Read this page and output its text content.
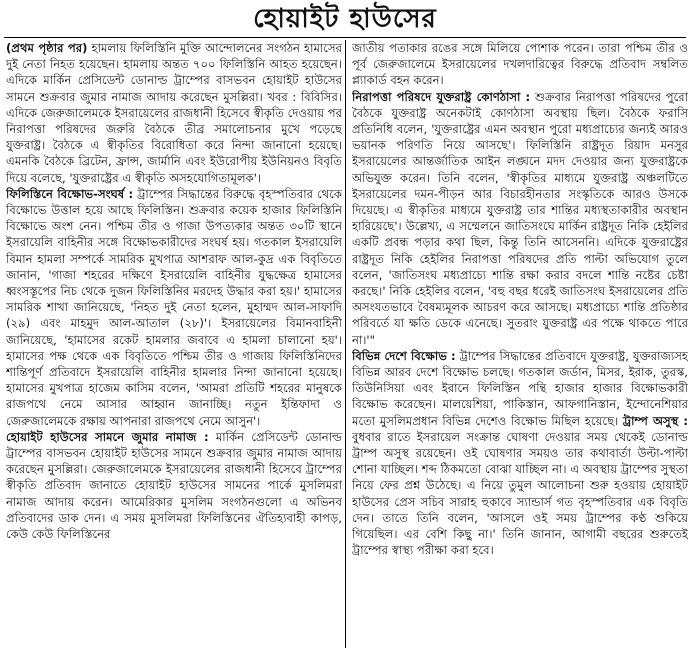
হোয়াইট হাউসের

(প্রথম পৃষ্ঠার পর) হামলায় ফিলিস্তিনি মুক্তি আন্দোলনের সংগঠন হামাসের দুই নেতা নিহত হয়েছেন। হামলায় অন্তত ৭০০ ফিলিস্তিনি আহত হয়েছেন। এদিকে মার্কিন প্রেসিডেন্ট ডোনাল্ড ট্রাম্পের বাসভবন হোয়াইট হাউসের সামনে শুক্রবার জুমার নামাজ আদায় করেছেন মুসল্লিরা। খবর : বিবিসির। এদিকে জেরুজালেমকে ইসরায়েলের রাজধানী হিসেবে স্বীকৃতি দেওয়ায় পর নিরাপত্তা পরিষদের জরুরি বৈঠকে তীব্র সমালোচনার মুখে পড়েছে যুক্তরাষ্ট্র। বৈঠকে এ স্বীকৃতির বিরোধিতা করে নিন্দা জানানো হয়েছে। এমনকি বৈঠকে ব্রিটেন, ফ্রান্স, জার্মানি এবং ইউরোপীয় ইউনিয়নও বিবৃতি দিয়ে বলেছে, 'যুক্তরাষ্ট্রের এ স্বীকৃতি অসহযোগিতামূলক'।

ফিলিস্তিনে বিক্ষোভ-সংঘর্ষ : ট্রাম্পের সিদ্ধান্তের বিরুদ্ধে বৃহস্পতিবার থেকে বিক্ষোভে উত্তাল হয়ে আছে ফিলিস্তিন। শুক্রবার কয়েক হাজার ফিলিস্তিনি বিক্ষোভে অংশ নেন। পশ্চিম তীর ও গাজা উপত্যকার অন্তত ৩০টি স্থানে ইসরায়েলি বাহিনীর সঙ্গে বিক্ষোভকারীদের সংঘর্ষ হয়। গতকাল ইসরায়েলি বিমান হামলা সম্পর্কে সামরিক মুখপাত্র আশরাফ আল-কুদ্র এক বিবৃতিতে জানান, 'গাজা শহরের দক্ষিণে ইসরায়েলি বাহিনীর যুদ্ধক্ষেত্র হামাসের ধ্বংসস্তূপের নিচ থেকে দুজন ফিলিস্তিনির মরদেহ উদ্ধার করা হয়।' হামাসের সামরিক শাখা জানিয়েছে, 'নিহত দুই নেতা হলেন, মুহাম্মদ আল-সাফাদি (২৯) এবং মাহমুদ আল-আতাল (২৮)'। ইসরায়েলের বিমানবাহিনী জানিয়েছে, 'হামাসের রকেট হামলার জবাবে এ হামলা চালানো হয়'। হামাসের পক্ষ থেকে এক বিবৃতিতে পশ্চিম তীর ও গাজায় ফিলিস্তিনিদের শান্তিপূর্ণ প্রতিবাদে ইসরায়েলি বাহিনীর হামলার নিন্দা জানানো হয়েছে। হামাসের মুখপাত্র হাজেম কাসিম বলেন, 'আমরা প্রতিটি শহরের মানুষকে রাজপথে নেমে আসার আহ্বান জানাচ্ছি। নতুন ইন্তিফাদা ও জেরুজালেমকে রক্ষায় আপনারা রাজপথে নেমে আসুন'।

হোয়াইট হাউসের সামনে জুমার নামাজ : মার্কিন প্রেসিডেন্ট ডোনাল্ড ট্রাম্পের বাসভবন হোয়াইট হাউসের সামনে শুক্রবার জুমার নামাজ আদায় করেছেন মুসল্লিরা। জেরুজালেমকে ইসরায়েলের রাজধানী হিসেবে ট্রাম্পের স্বীকৃতি প্রতিবাদ জানাতে হোয়াইট হাউসের সামনের পার্কে মুসলিমরা নামাজ আদায় করেন। আমেরিকার মুসলিম সংগঠনগুলো এ অভিনব প্রতিবাদের ডাক দেন। এ সময় মুসলিমরা ফিলিস্তিনের ঐতিহ্যবাহী কাপড়, কেউ কেউ ফিলিস্তিনের

জাতীয় পতাকার রঙের সঙ্গে মিলিয়ে পোশাক পরেন। তারা পশ্চিম তীর ও পূর্ব জেরুজালেমে ইসরায়েলের দখলদারিত্বের বিরুদ্ধে প্রতিবাদ সম্বলিত প্ল্যাকার্ড বহন করেন।

নিরাপত্তা পরিষদে যুক্তরাষ্ট্র কোণঠাসা : শুক্রবার নিরাপত্তা পরিষদের পুরো বৈঠকে যুক্তরাষ্ট্র অনেকটাই কোণঠাসা অবস্থায় ছিল। বৈঠকে ফরাসি প্রতিনিধি বলেন, 'যুক্তরাষ্ট্রের এমন অবস্থান পুরো মধ্যপ্রাচ্যের জন্যই আরও ভয়ানক পরিণতি নিয়ে আসছে'। ফিলিস্তিনি রাষ্ট্রদূত রিয়াদ মনসুর ইসরায়েলের আন্তর্জাতিক আইন লঙ্ঘনে মদদ দেওয়ার জন্য যুক্তরাষ্ট্রকে অভিযুক্ত করেন। তিনি বলেন, 'স্বীকৃতির মাধ্যমে যুক্তরাষ্ট্র অঞ্চলটিতে ইসরায়েলের দমন-পীড়ন আর বিচারহীনতার সংস্কৃতিকে আরও উসকে দিয়েছে। এ স্বীকৃতির মাধ্যমে যুক্তরাষ্ট্র তার শান্তির মধ্যস্থতাকারীর অবস্থান হারিয়েছে'। উল্লেখ্য, এ সম্মেলনে জাতিসংঘে মার্কিন রাষ্ট্রদূত নিকি হেইলির একটি প্রবন্ধ পড়ার কথা ছিল, কিন্তু তিনি আসেননি। এদিকে যুক্তরাষ্ট্রের রাষ্ট্রদূত নিকি হেইলির নিরাপত্তা পরিষদের প্রতি পাল্টা অভিযোগ তুলে বলেন, 'জাতিসংঘ মধ্যপ্রাচ্যে শান্তি রক্ষা করার বদলে শান্তি নষ্টের চেষ্টা করছে।' নিকি হেইলির বলেন, 'বহু বছর ধরেই জাতিসংঘ ইসরায়েলের প্রতি অসংযতভাবে বৈষম্যমূলক আচরণ করে আসছে। মধ্যপ্রাচ্যে শান্তি প্রতিষ্ঠার পরিবর্তে যা ক্ষতি ডেকে এনেছে। সুতরাং যুক্তরাষ্ট্র এর পক্ষে থাকতে পারে না।'"

বিভিন্ন দেশে বিক্ষোভ : ট্রাম্পের সিদ্ধান্তের প্রতিবাদে যুক্তরাষ্ট্র, যুক্তরাজ্যসহ বিভিন্ন আরব দেশে বিক্ষোভ চলছে। গতকাল জর্ডান, মিসর, ইরাক, তুরস্ক, তিউনিসিয়া এবং ইরানে ফিলিস্তিন পন্থি হাজার হাজার বিক্ষোভকারী বিক্ষোভ করেছেন। মালয়েশিয়া, পাকিস্তান, আফগানিস্তান, ইন্দোনেশিয়ার মতো মুসলিমপ্রধান বিভিন্ন দেশেও বিক্ষোভ মিছিল হয়েছে। ট্রাম্প অসুস্থ : বুধবার রাতে ইসরায়েল সংক্রান্ত ঘোষণা দেওয়ার সময় থেকেই ডোনাল্ড ট্রাম্প অসুস্থ রয়েছেন। ওই ঘোষণার সময়ও তার কথাবার্তা উল্টা-পাল্টা শোনা যাচ্ছিল। শব্দ ঠিকমতো বোঝা যাচ্ছিল না। এ অবস্থায় ট্রাম্পের সুস্থতা নিয়ে ফের প্রশ্ন উঠেছে। এ নিয়ে তুমুল আলোচনা শুরু হওয়ায় হোয়াইট হাউসের প্রেস সচিব সারাহ হুকাবে স্যান্ডার্স গত বৃহস্পতিবার এক বিবৃতি দেন। তাতে তিনি বলেন, 'আসলে ওই সময় ট্রাম্পের কণ্ঠ শুকিয়ে গিয়েছিল। এর বেশি কিছু না।' তিনি জানান, আগামী বছরের শুরুতেই ট্রাম্পের স্বাস্থ্য পরীক্ষা করা হবে।
